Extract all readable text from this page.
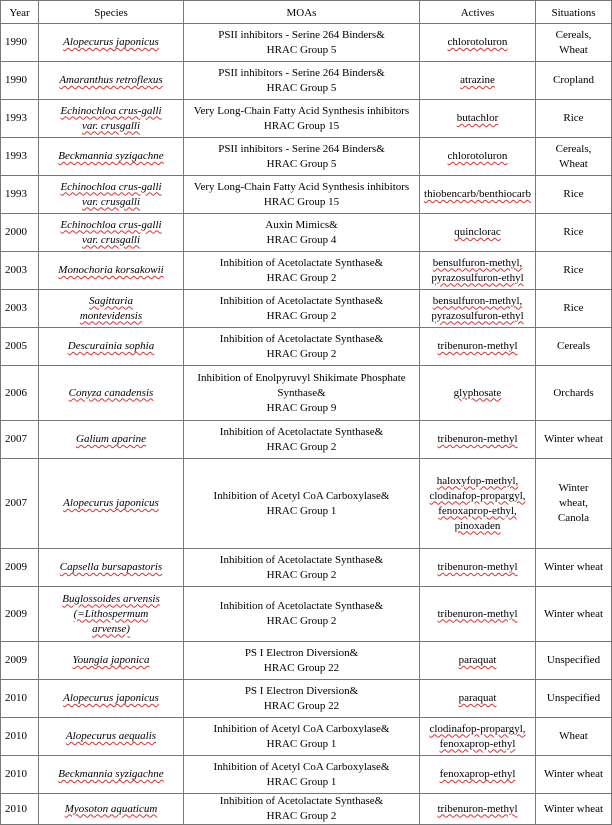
Year	Species	MOAs	Actives	Situations
1990	Alopecurus japonicus	PSII inhibitors - Serine 264 Binders&
HRAC Group 5	chlorotoluron	Cereals,
Wheat

1990	Amaranthus retroflexus	PSII inhibitors - Serine 264 Binders&
HRAC Group 5	atrazine	Cropland

1993	Echinochloa crus-galli
var. crusgalli	Very Long-Chain Fatty Acid Synthesis inhibitors
HRAC Group 15	butachlor	Rice

1993	Beckmannia syzigachne	PSII inhibitors - Serine 264 Binders&
HRAC Group 5	chlorotoluron	Cereals,
Wheat

1993	Echinochloa crus-galli
var. crusgalli	Very Long-Chain Fatty Acid Synthesis inhibitors
HRAC Group 15	thiobencarb/benthiocarb	Rice

2000	Echinochloa crus-galli
var. crusgalli	Auxin Mimics&
HRAC Group 4	quinclorac	Rice

2003	Monochoria korsakowii	Inhibition of Acetolactate Synthase&
HRAC Group 2	bensulfuron-methyl,
pyrazosulfuron-ethyl	Rice

2003	Sagittaria
montevidensis	Inhibition of Acetolactate Synthase&
HRAC Group 2	bensulfuron-methyl,
pyrazosulfuron-ethyl	Rice

2005	Descurainia sophia	Inhibition of Acetolactate Synthase&
HRAC Group 2	tribenuron-methyl	Cereals

2006	Conyza canadensis	Inhibition of Enolpyruvyl Shikimate Phosphate
Synthase&
HRAC Group 9	glyphosate	Orchards

2007	Galium aparine	Inhibition of Acetolactate Synthase&
HRAC Group 2	tribenuron-methyl	Winter wheat

2007	Alopecurus japonicus	Inhibition of Acetyl CoA Carboxylase&
HRAC Group 1	haloxyfop-methyl,
clodinafop-propargyl,
fenoxaprop-ethyl,
pinoxaden	Winter
wheat,
Canola

2009	Capsella bursapastoris	Inhibition of Acetolactate Synthase&
HRAC Group 2	tribenuron-methyl	Winter wheat

2009	Buglossoides arvensis
(=Lithospermum
arvense)	Inhibition of Acetolactate Synthase&
HRAC Group 2	tribenuron-methyl	Winter wheat

2009	Youngia japonica	PS I Electron Diversion&
HRAC Group 22	paraquat	Unspecified

2010	Alopecurus japonicus	PS I Electron Diversion&
HRAC Group 22	paraquat	Unspecified

2010	Alopecurus aequalis	Inhibition of Acetyl CoA Carboxylase&
HRAC Group 1	clodinafop-propargyl,
fenoxaprop-ethyl	Wheat

2010	Beckmannia syzigachne	Inhibition of Acetyl CoA Carboxylase&
HRAC Group 1	fenoxaprop-ethyl	Winter wheat

2010	Myosoton aquaticum	Inhibition of Acetolactate Synthase&
HRAC Group 2	tribenuron-methyl	Winter wheat
